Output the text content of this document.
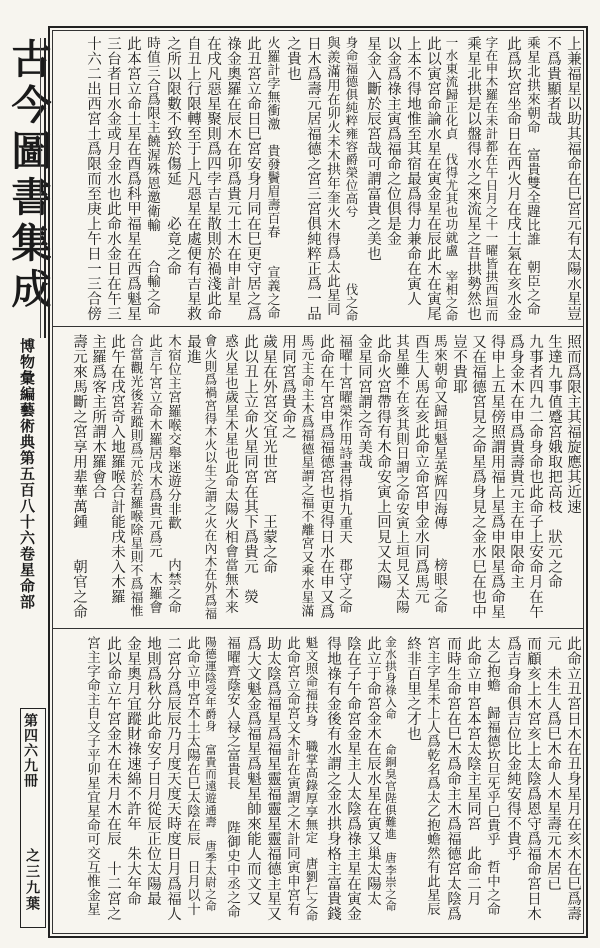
古今圖書集成
博物彙編藝術典第五百八十六卷星命部
第四六九冊
之三九葉
上兼福星以助其福命在巳宮元有太陽水星豈
不爲貴顯者哉
乘星北拱來朝命　富貴雙全韙比誰　朝臣之命
此爲坎宮坐命日在西火月在戌土氣在亥水金
字在申木羅在未計都在午日月之十一曜皆拱西垣而
乘星北拱是以盤得水之來流星之昔拱勢然也
一水東流歸正化貞　伐得尤其也功就盧　宰相之命
此以寅宮命論水星在寅金星在辰此木在寅尾
上本不得地惟至其宿最爲得力兼命在寅人
以金爲祿主寅爲福命之位俱是金
星金入斷於辰宮哉可謂富貴之美也
身命福德俱純粹雍容爵榮位高兮　　　　　伐之命
與羨滿用在卯火未木拱年奎火木得爲太此星同
日木爲壽元居福德之宮三宮俱純粹正爲一品
之貴也
火羅計孛無衝激　貴發鬢眉壽百春　　宣義之命
此丑宮立命日巳宮安身月同在巳更守居之爲
祿金奧羅在辰木在卯爲貴元土木在申計星
在戌凡惡星聚則爲四孛吉星散則於禍淺此命
自丑上行限轉至于上凡惡星在處便有吉星救
之所以限數不致於傷延　　必竟之命
時值三合爲限主饒渥殊恩邀衛輸　　合輸之命
此本宮立命土星在酉爲科甲福星在西爲魁星
三台者日水金或月金水也此命水金日在午三
十六二出西宮土爲限而至庚上午日一三合傍
照而爲限主其福旋應其近速
生達九事值蹙宮娥取把高枝　狀元之命
九事者四九二命身命也此命子上安命月在午
爲身金木在申爲貴壽貴元主在申限命主
得申上五星傍照謂用福上星爲申限星爲命星
又在福德宮見之命星爲身見之金水巳在也中
豈不貴耶
馬來朝命又歸垣魁星英辉四海傳　　榜眼之命
酉生人馬在亥此命立命宮申金水同爲馬元
其星雖不在亥其則日謂之命安寅上垣見又太陽
此命火宮帶得有木命安寅上回見又太陽
金星同宮謂之奇美哉
福曜十宮曜榮作用詩書得指九重天　郡守之命
此命在午宮申爲福德宮也更得日水在申又爲
馬元主命主木爲福德星謂之福不離宮又乘水星滿
用同宮爲貴命之
歲星在外宮交宜光世宮　　王蒙之命
此以丑上立命火星同宮在其下爲貴元　熒
惑火星也歲星木星也此命太陽火相會當無木来
會火則爲禍宮得木火以生之謂之火在內木在外爲福
最進
木宿位主宮羅喉交舉迷遊分非歡　　内禁之命
此言午宮立命木羅居戌木爲貴元爲元　木羅會
合當觀光後若蹤則爲元於若羅喉除星則不爲福惟
此午在戌宮奇入地羅喉合計能戌未入木羅
主羅爲客主所謂木羅會合
壽元來馬斷之宮享用辈華萬鍾　　朝官之命
此命立丑宮日木在丑身星月在亥木在巳爲壽
元　未生人爲巳木命人木星壽元木居已
而顧亥上木宮亥上太陰爲恩守爲福命宮日木
爲吉身命俱吉位比金純安得不貴乎
太乙抱蟾　歸福德坎旦旡乎巳貴乎　哲中之命
此命立申宮本宮太陰主星同宮　此命二月
而時生命宮在巳木爲命主木爲福德宮太陰爲
宮主字星未上人爲乾名爲太乙抱蟾然有此星辰
終非百里之才也
金水拱身祿入命　　命銅臭官陛俱難進　唐李崇之命
此立于命宮金木在辰水星在寅又巢太陽太
陰在子午命宮金星主人太陰爲祿主星在寅金
得地祿有金後有水謂之金水拱身格主富貴錢
魁文照命福扶身　職掌高錄厚享無定　唐劉仁之命
此命宮立命宮文木計在寅謂之木計同寅申宮有
助太陰爲福星爲福星靈福靈星靈福德主星又
爲大文魁金爲福星爲魁星帥來能人而文又
福曜齊蔭安人禄之富貴長　 陛御史中丞之命
陽德運陰受年爵身　富貴而遠遊通壽　唐季太尉之命
此命立申宮木土太陽在巳太陰在辰　日月以十
二宮分爲辰辰乃月度天度天時度日月爲福人
地則爲秋分此命安子日月從辰正位太陽最
金星奧月宜蹤財祿速綿不許年　朱大年命
此以命立午宮金木在未月木在辰　十二宮之
宮主字命主自文子平卯星宜星命可交互惟金星
